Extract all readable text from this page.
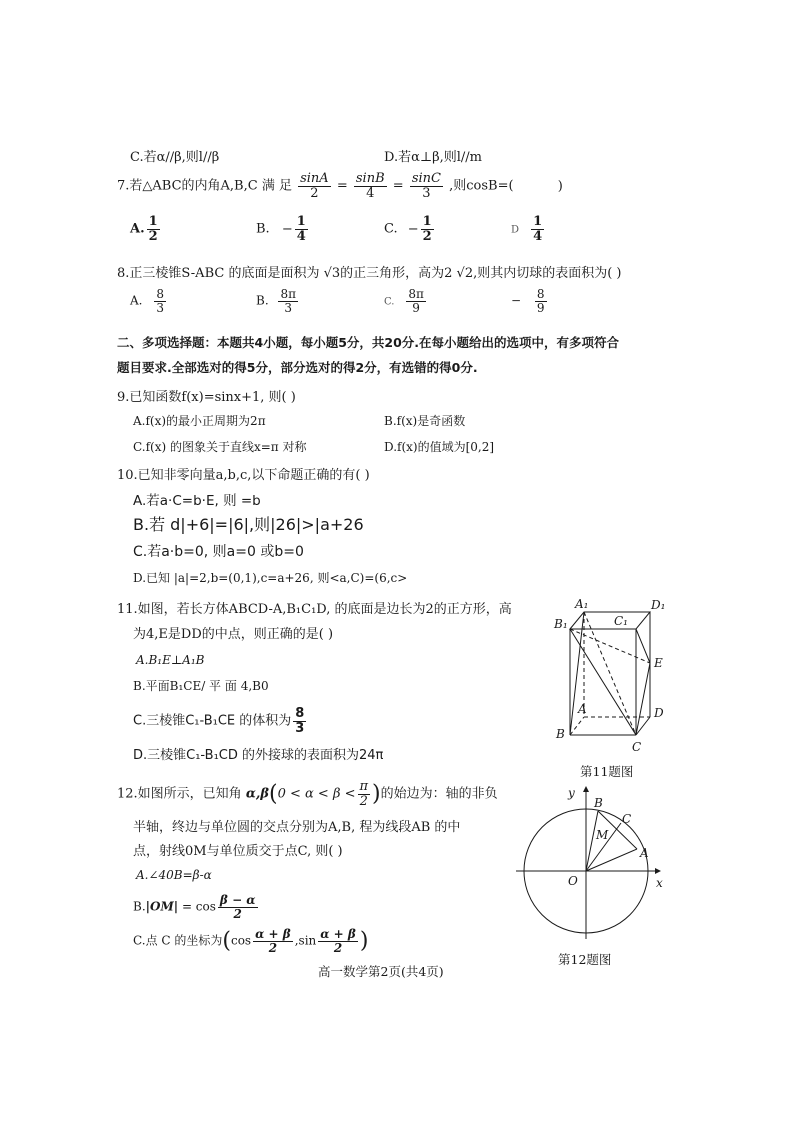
C.若α//β,则l//β	D.若α⊥β,则l//m
7.若△ABC的内角A,B,C 满 足 $\frac{\sin A}{2} = \frac{\sin B}{4} = \frac{\sin C}{3}$ ,则cosB=(	)
A. $\frac{1}{2}$	B. − $\frac{1}{4}$	C. − $\frac{1}{2}$	D $\frac{1}{4}$
8.正三棱锥S-ABC 的底面是面积为 √3的正三角形，高为2 √2,则其内切球的表面积为( )
A. $\frac{8}{3}$	B. $\frac{8\pi}{3}$	C. $\frac{8\pi}{9}$	− $\frac{8}{9}$
二、多项选择题：本题共4小题，每小题5分，共20分.在每小题给出的选项中，有多项符合
题目要求.全部选对的得5分，部分选对的得2分，有选错的得0分.
9.已知函数f(x)=sinx+1, 则( )
A.f(x)的最小正周期为2π	B.f(x)是奇函数
C.f(x) 的图象关于直线x=π 对称	D.f(x)的值域为[0,2]
10.已知非零向量a,b,c,以下命题正确的有( )
A.若a·C=b·E, 则 =b
B.若 d|+6|=|6|,则|26|>|a+26
C.若a·b=0, 则a=0 或b=0
D.已知 |a|=2,b=(0,1),c=a+26, 则<a,C)=(6,c>
11.如图，若长方体ABCD-A,B₁C₁D, 的底面是边长为2的正方形，高
为4,E是DD的中点，则正确的是( )
A.B₁E⊥A₁B
B.平面B₁CE/ 平 面 4,B0
C.三棱锥C₁-B₁CE 的体积为 $\frac{8}{3}$
D.三棱锥C₁-B₁CD 的外接球的表面积为24π
A₁	D₁
B₁	C₁
E
A	D
B
C
第11题图
12.如图所示，已知角 $\alpha,\beta(0 < \alpha < \beta < \frac{\pi}{2}$ )的始边为：轴的非负
半轴，终边与单位圆的交点分别为A,B, 程为线段AB 的中
点，射线0M与单位质交于点C, 则( )
A.∠40B=β-α
$B.|OM| = \cos \frac{\beta - \alpha}{2}$
C.点 C 的坐标为($\cos \frac{\alpha + \beta}{2} ,\sin \frac{\alpha + \beta}{2}$ )
y
x
O
A
B
C
M
第12题图
高一数学第2页(共4页)
